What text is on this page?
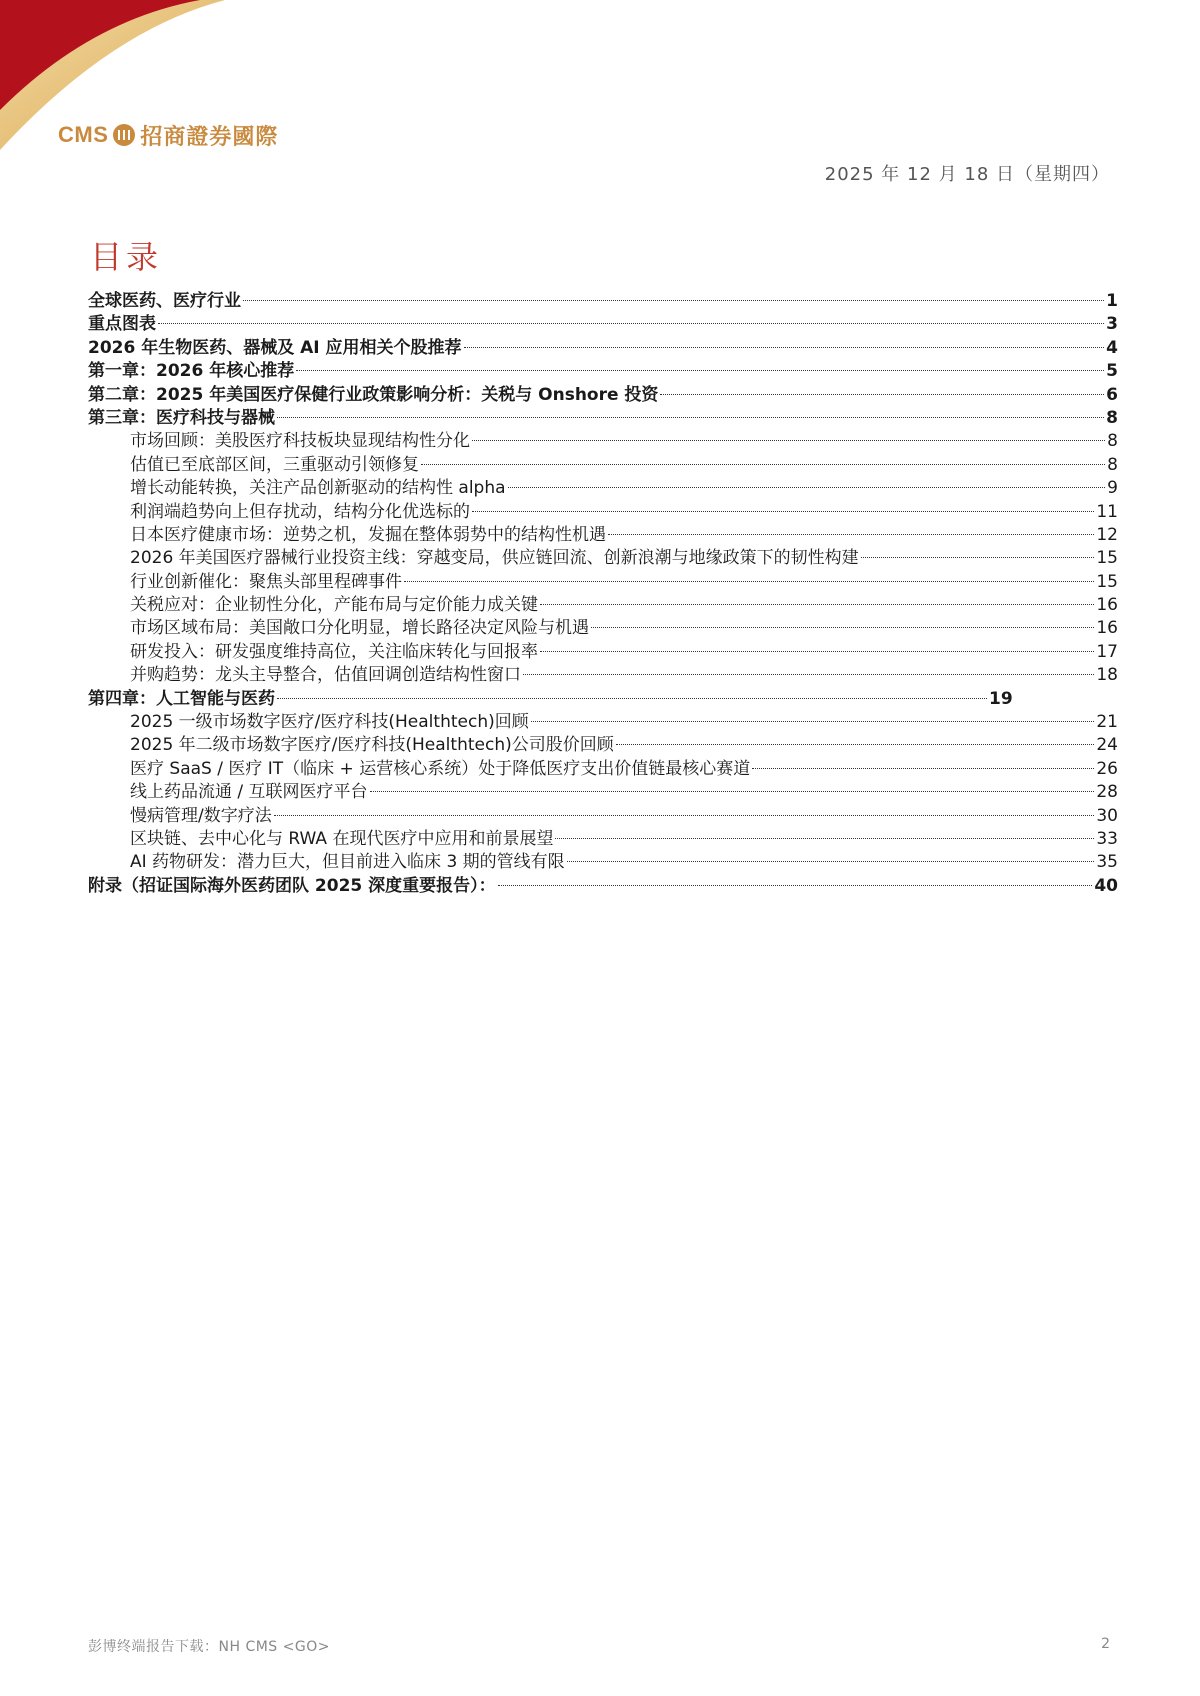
CMS 招商證券國際
2025 年 12 月 18 日（星期四）
目录
全球医药、医疗行业	1
重点图表	3
2026 年生物医药、器械及 AI 应用相关个股推荐	4
第一章：2026 年核心推荐	5
第二章：2025 年美国医疗保健行业政策影响分析：关税与 Onshore 投资	6
第三章：医疗科技与器械	8
市场回顾：美股医疗科技板块显现结构性分化	8
估值已至底部区间，三重驱动引领修复	8
增长动能转换，关注产品创新驱动的结构性 alpha	9
利润端趋势向上但存扰动，结构分化优选标的	11
日本医疗健康市场：逆势之机，发掘在整体弱势中的结构性机遇	12
2026 年美国医疗器械行业投资主线：穿越变局，供应链回流、创新浪潮与地缘政策下的韧性构建	15
行业创新催化：聚焦头部里程碑事件	15
关税应对：企业韧性分化，产能布局与定价能力成关键	16
市场区域布局：美国敞口分化明显，增长路径决定风险与机遇	16
研发投入：研发强度维持高位，关注临床转化与回报率	17
并购趋势：龙头主导整合，估值回调创造结构性窗口	18
第四章：人工智能与医药	19
2025 一级市场数字医疗/医疗科技(Healthtech)回顾	21
2025 年二级市场数字医疗/医疗科技(Healthtech)公司股价回顾	24
医疗 SaaS / 医疗 IT（临床 + 运营核心系统）处于降低医疗支出价值链最核心赛道	26
线上药品流通 / 互联网医疗平台	28
慢病管理/数字疗法	30
区块链、去中心化与 RWA 在现代医疗中应用和前景展望	33
AI 药物研发：潜力巨大，但目前进入临床 3 期的管线有限	35
附录（招证国际海外医药团队 2025 深度重要报告）：	40
彭博终端报告下载：NH CMS <GO>	2
